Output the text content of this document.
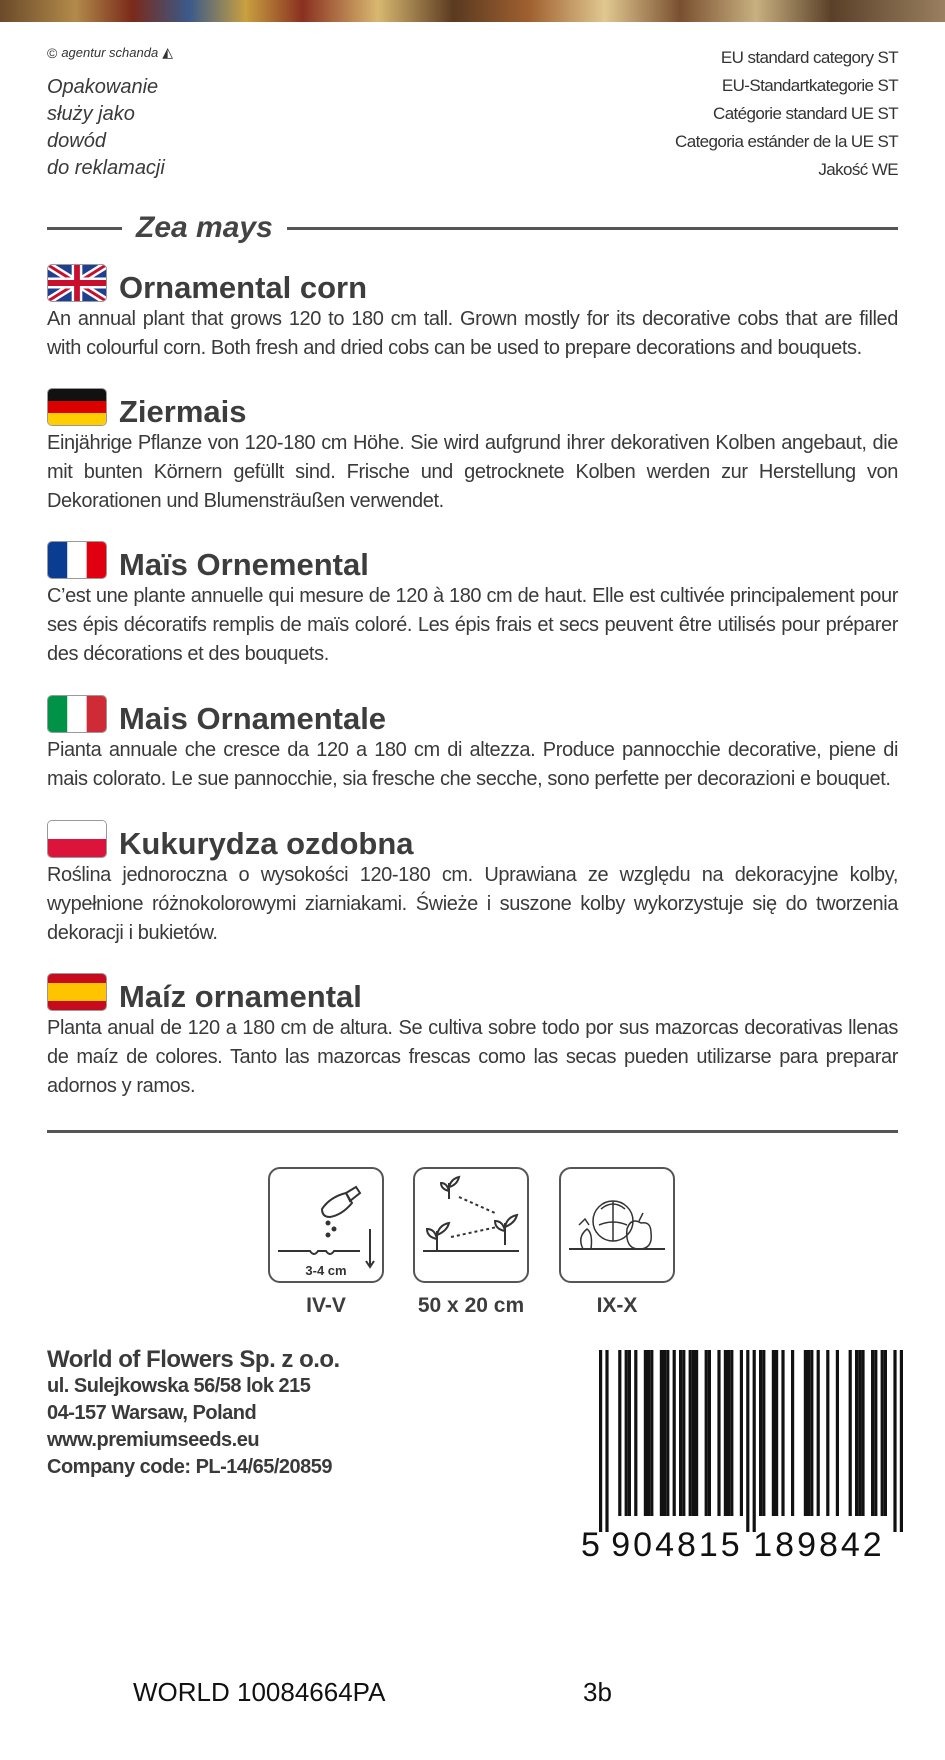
© agentur schanda ◭
Opakowanie
służy jako
dowód
do reklamacji
EU standard category ST
EU-Standartkategorie ST
Catégorie standard UE ST
Categoria estánder de la UE ST
Jakość WE
Zea mays
Ornamental corn
An annual plant that grows 120 to 180 cm tall. Grown mostly for its decorative cobs that are filled with colourful corn. Both fresh and dried cobs can be used to prepare decorations and bouquets.
Ziermais
Einjährige Pflanze von 120-180 cm Höhe. Sie wird aufgrund ihrer dekorativen Kolben angebaut, die mit bunten Körnern gefüllt sind. Frische und getrocknete Kolben werden zur Herstellung von Dekorationen und Blumensträußen verwendet.
Maïs Ornemental
C’est une plante annuelle qui mesure de 120 à 180 cm de haut. Elle est cultivée principalement pour ses épis décoratifs remplis de maïs coloré. Les épis frais et secs peuvent être utilisés pour préparer des décorations et des bouquets.
Mais Ornamentale
Pianta annuale che cresce da 120 a 180 cm di altezza. Produce pannocchie decorative, piene di mais colorato. Le sue pannocchie, sia fresche che secche, sono perfette per decorazioni e bouquet.
Kukurydza ozdobna
Roślina jednoroczna o wysokości 120-180 cm. Uprawiana ze względu na dekoracyjne kolby, wypełnione różnokolorowymi ziarniakami. Świeże i suszone kolby wykorzystuje się do tworzenia dekoracji i bukietów.
Maíz ornamental
Planta anual de 120 a 180 cm de altura. Se cultiva sobre todo por sus mazorcas decorativas llenas de maíz de colores. Tanto las mazorcas frescas como las secas pueden utilizarse para preparar adornos y ramos.
3-4 cm
IV-V	50 x 20 cm	IX-X
World of Flowers Sp. z o.o.
ul. Sulejkowska 56/58 lok 215
04-157 Warsaw, Poland
www.premiumseeds.eu
Company code: PL-14/65/20859
5 904815 189842
WORLD 10084664PA	3b
